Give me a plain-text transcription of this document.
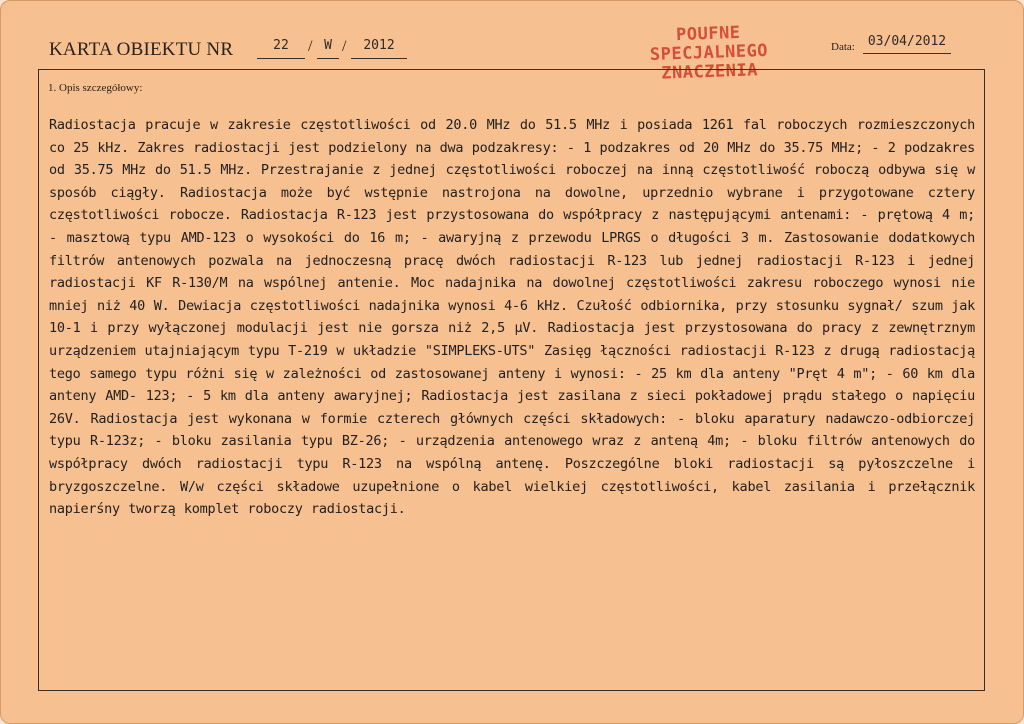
KARTA OBIEKTU NR	22	/ W /	2012
POUFNE
SPECJALNEGO
ZNACZENIA
Data:	03/04/2012
1. Opis szczegółowy:
Radiostacja pracuje w zakresie częstotliwości od 20.0 MHz do 51.5 MHz i posiada 1261 fal roboczych rozmieszczonych co 25 kHz. Zakres radiostacji jest podzielony na dwa podzakresy: - 1 podzakres od 20 MHz do 35.75 MHz; - 2 podzakres od 35.75 MHz do 51.5 MHz. Przestrajanie z jednej częstotliwości roboczej na inną częstotliwość roboczą odbywa się w sposób ciągły. Radiostacja może być wstępnie nastrojona na dowolne, uprzednio wybrane i przygotowane cztery częstotliwości robocze. Radiostacja R-123 jest przystosowana do współpracy z następującymi antenami: - prętową 4 m; - masztową typu AMD-123 o wysokości do 16 m; - awaryjną z przewodu LPRGS o długości 3 m. Zastosowanie dodatkowych filtrów antenowych pozwala na jednoczesną pracę dwóch radiostacji R-123 lub jednej radiostacji R-123 i jednej radiostacji KF R-130/M na wspólnej antenie. Moc nadajnika na dowolnej częstotliwości zakresu roboczego wynosi nie mniej niż 40 W. Dewiacja częstotliwości nadajnika wynosi 4-6 kHz. Czułość odbiornika, przy stosunku sygnał/ szum jak 10-1 i przy wyłączonej modulacji jest nie gorsza niż 2,5 μV. Radiostacja jest przystosowana do pracy z zewnętrznym urządzeniem utajniającym typu T-219 w układzie "SIMPLEKS-UTS" Zasięg łączności radiostacji R-123 z drugą radiostacją tego samego typu różni się w zależności od zastosowanej anteny i wynosi: - 25 km dla anteny "Pręt 4 m"; - 60 km dla anteny AMD- 123; - 5 km dla anteny awaryjnej; Radiostacja jest zasilana z sieci pokładowej prądu stałego o napięciu 26V. Radiostacja jest wykonana w formie czterech głównych części składowych: - bloku aparatury nadawczo-odbiorczej typu R-123z; - bloku zasilania typu BZ-26; - urządzenia antenowego wraz z anteną 4m; - bloku filtrów antenowych do współpracy dwóch radiostacji typu R-123 na wspólną antenę. Poszczególne bloki radiostacji są pyłoszczelne i bryzgoszczelne. W/w części składowe uzupełnione o kabel wielkiej częstotliwości, kabel zasilania i przełącznik napierśny tworzą komplet roboczy radiostacji.
